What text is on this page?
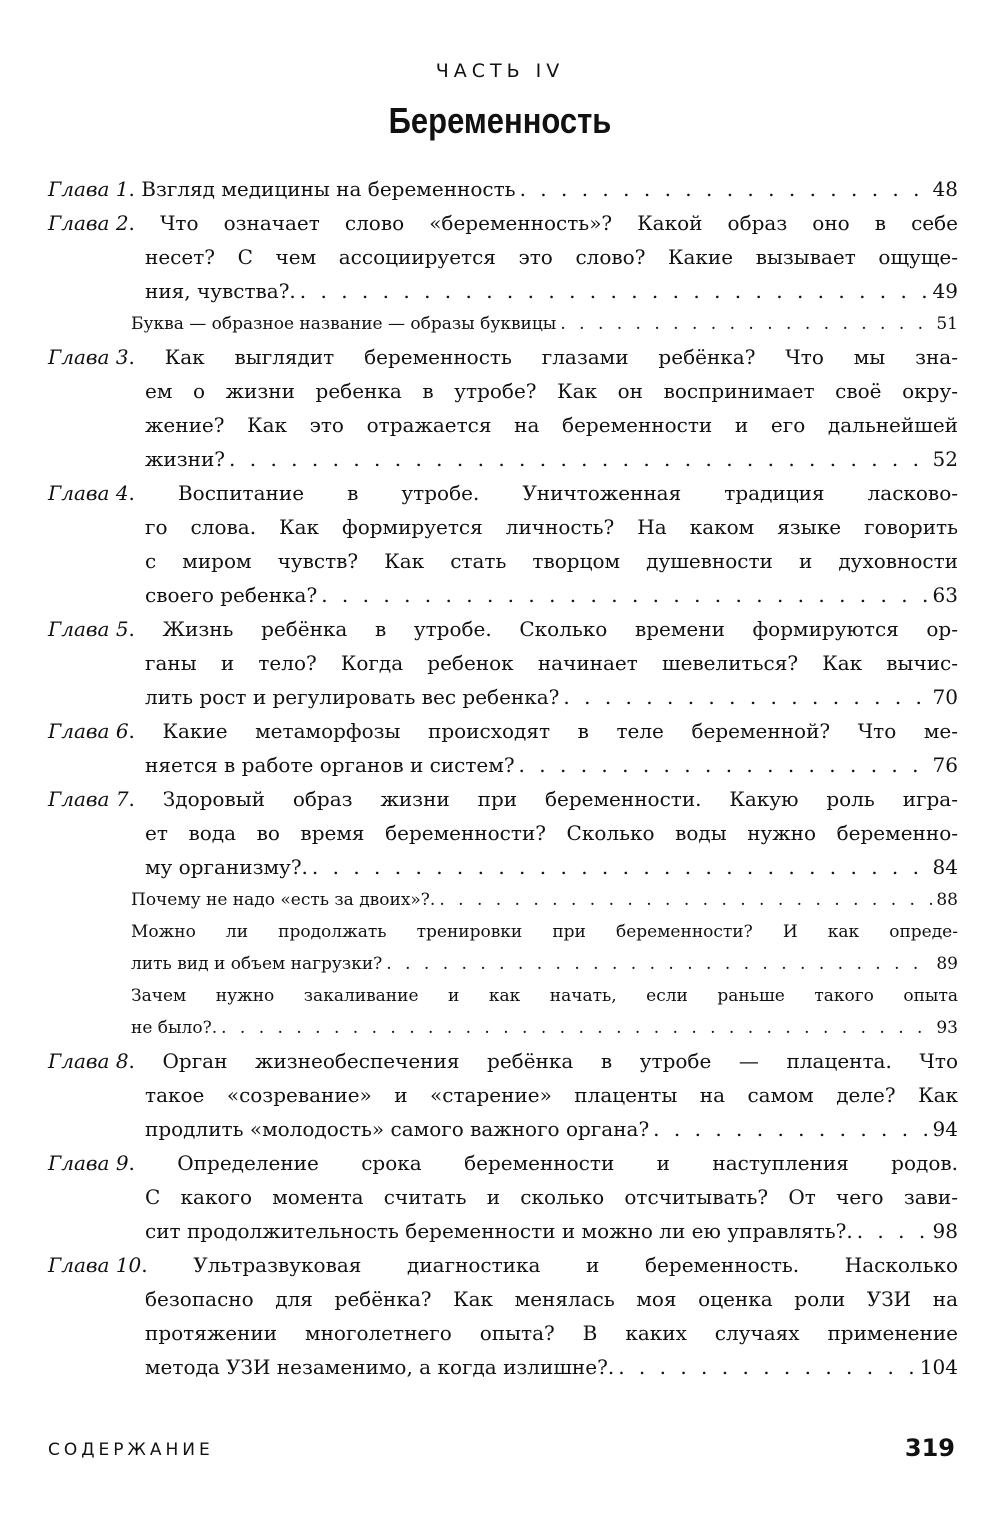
ЧАСТЬ IV
Беременность
Глава 1 . Взгляд медицины на беременность . . .	48
Глава 2 . Что означает слово «беременность»? Какой образ оно в себе
несет? С чем ассоциируется это слово? Какие вызывает ощуще-
ния, чувства?. . . .	49
Буква — образное название — образы буквицы . . .	51
Глава 3 . Как выглядит беременность глазами ребёнка? Что мы зна-
ем о жизни ребенка в утробе? Как он воспринимает своё окру-
жение? Как это отражается на беременности и его дальнейшей
жизни? . . .	52
Глава 4 . Воспитание в утробе. Уничтоженная традиция ласково-
го слова. Как формируется личность? На каком языке говорить
с миром чувств? Как стать творцом душевности и духовности
своего ребенка? . . .	63
Глава 5 . Жизнь ребёнка в утробе. Сколько времени формируются ор-
ганы и тело? Когда ребенок начинает шевелиться? Как вычис-
лить рост и регулировать вес ребенка? . . .	70
Глава 6 . Какие метаморфозы происходят в теле беременной? Что ме-
няется в работе органов и систем? . . .	76
Глава 7 . Здоровый образ жизни при беременности. Какую роль игра-
ет вода во время беременности? Сколько воды нужно беременно-
му организму?. . . .	84
Почему не надо «есть за двоих»?. . . .	88
Можно ли продолжать тренировки при беременности? И как опреде-
лить вид и объем нагрузки? . . .	89
Зачем нужно закаливание и как начать, если раньше такого опыта
не было?. . . .	93
Глава 8 . Орган жизнеобеспечения ребёнка в утробе — плацента. Что
такое «созревание» и «старение» плаценты на самом деле? Как
продлить «молодость» самого важного органа? . . .	94
Глава 9 . Определение срока беременности и наступления родов.
С какого момента считать и сколько отсчитывать? От чего зави-
сит продолжительность беременности и можно ли ею управлять?. . . .	98
Глава 10 . Ультразвуковая диагностика и беременность. Насколько
безопасно для ребёнка? Как менялась моя оценка роли УЗИ на
протяжении многолетнего опыта? В каких случаях применение
метода УЗИ незаменимо, а когда излишне?. . . .	104
СОДЕРЖАНИЕ	319
